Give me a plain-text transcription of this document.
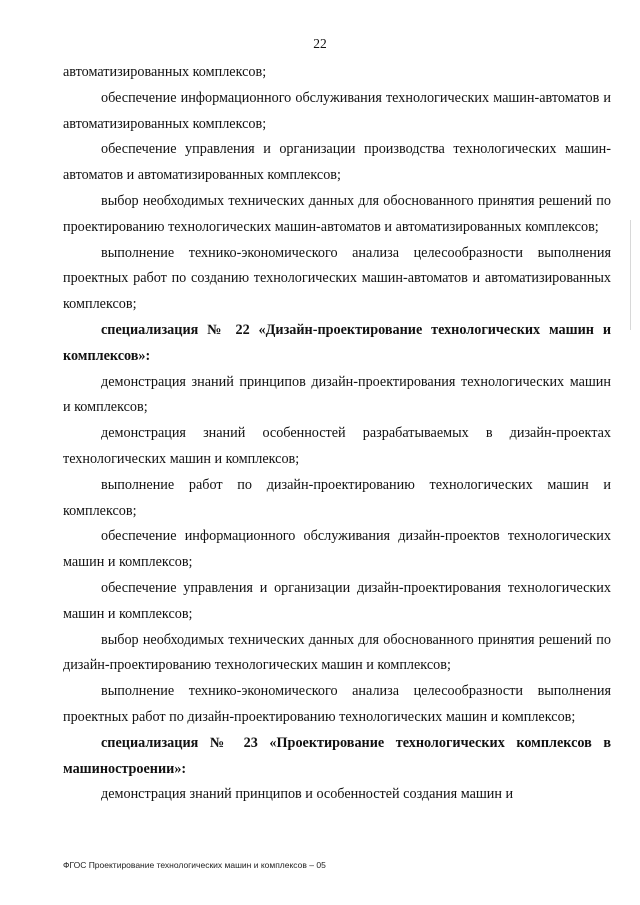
22

автоматизированных комплексов;

обеспечение информационного обслуживания технологических машин-автоматов и автоматизированных комплексов;

обеспечение управления и организации производства технологических машин-автоматов и автоматизированных комплексов;

выбор необходимых технических данных для обоснованного принятия решений по проектированию технологических машин-автоматов и автоматизированных комплексов;

выполнение технико-экономического анализа целесообразности выполнения проектных работ по созданию технологических машин-автоматов и автоматизированных комплексов;

специализация № 22 «Дизайн-проектирование технологических машин и комплексов»:

демонстрация знаний принципов дизайн-проектирования технологических машин и комплексов;

демонстрация знаний особенностей разрабатываемых в дизайн-проектах технологических машин и комплексов;

выполнение работ по дизайн-проектированию технологических машин и комплексов;

обеспечение информационного обслуживания дизайн-проектов технологических машин и комплексов;

обеспечение управления и организации дизайн-проектирования технологических машин и комплексов;

выбор необходимых технических данных для обоснованного принятия решений по дизайн-проектированию технологических машин и комплексов;

выполнение технико-экономического анализа целесообразности выполнения проектных работ по дизайн-проектированию технологических машин и комплексов;

специализация № 23 «Проектирование технологических комплексов в машиностроении»:

демонстрация знаний принципов и особенностей создания машин и

ФГОС Проектирование технологических машин и комплексов – 05
